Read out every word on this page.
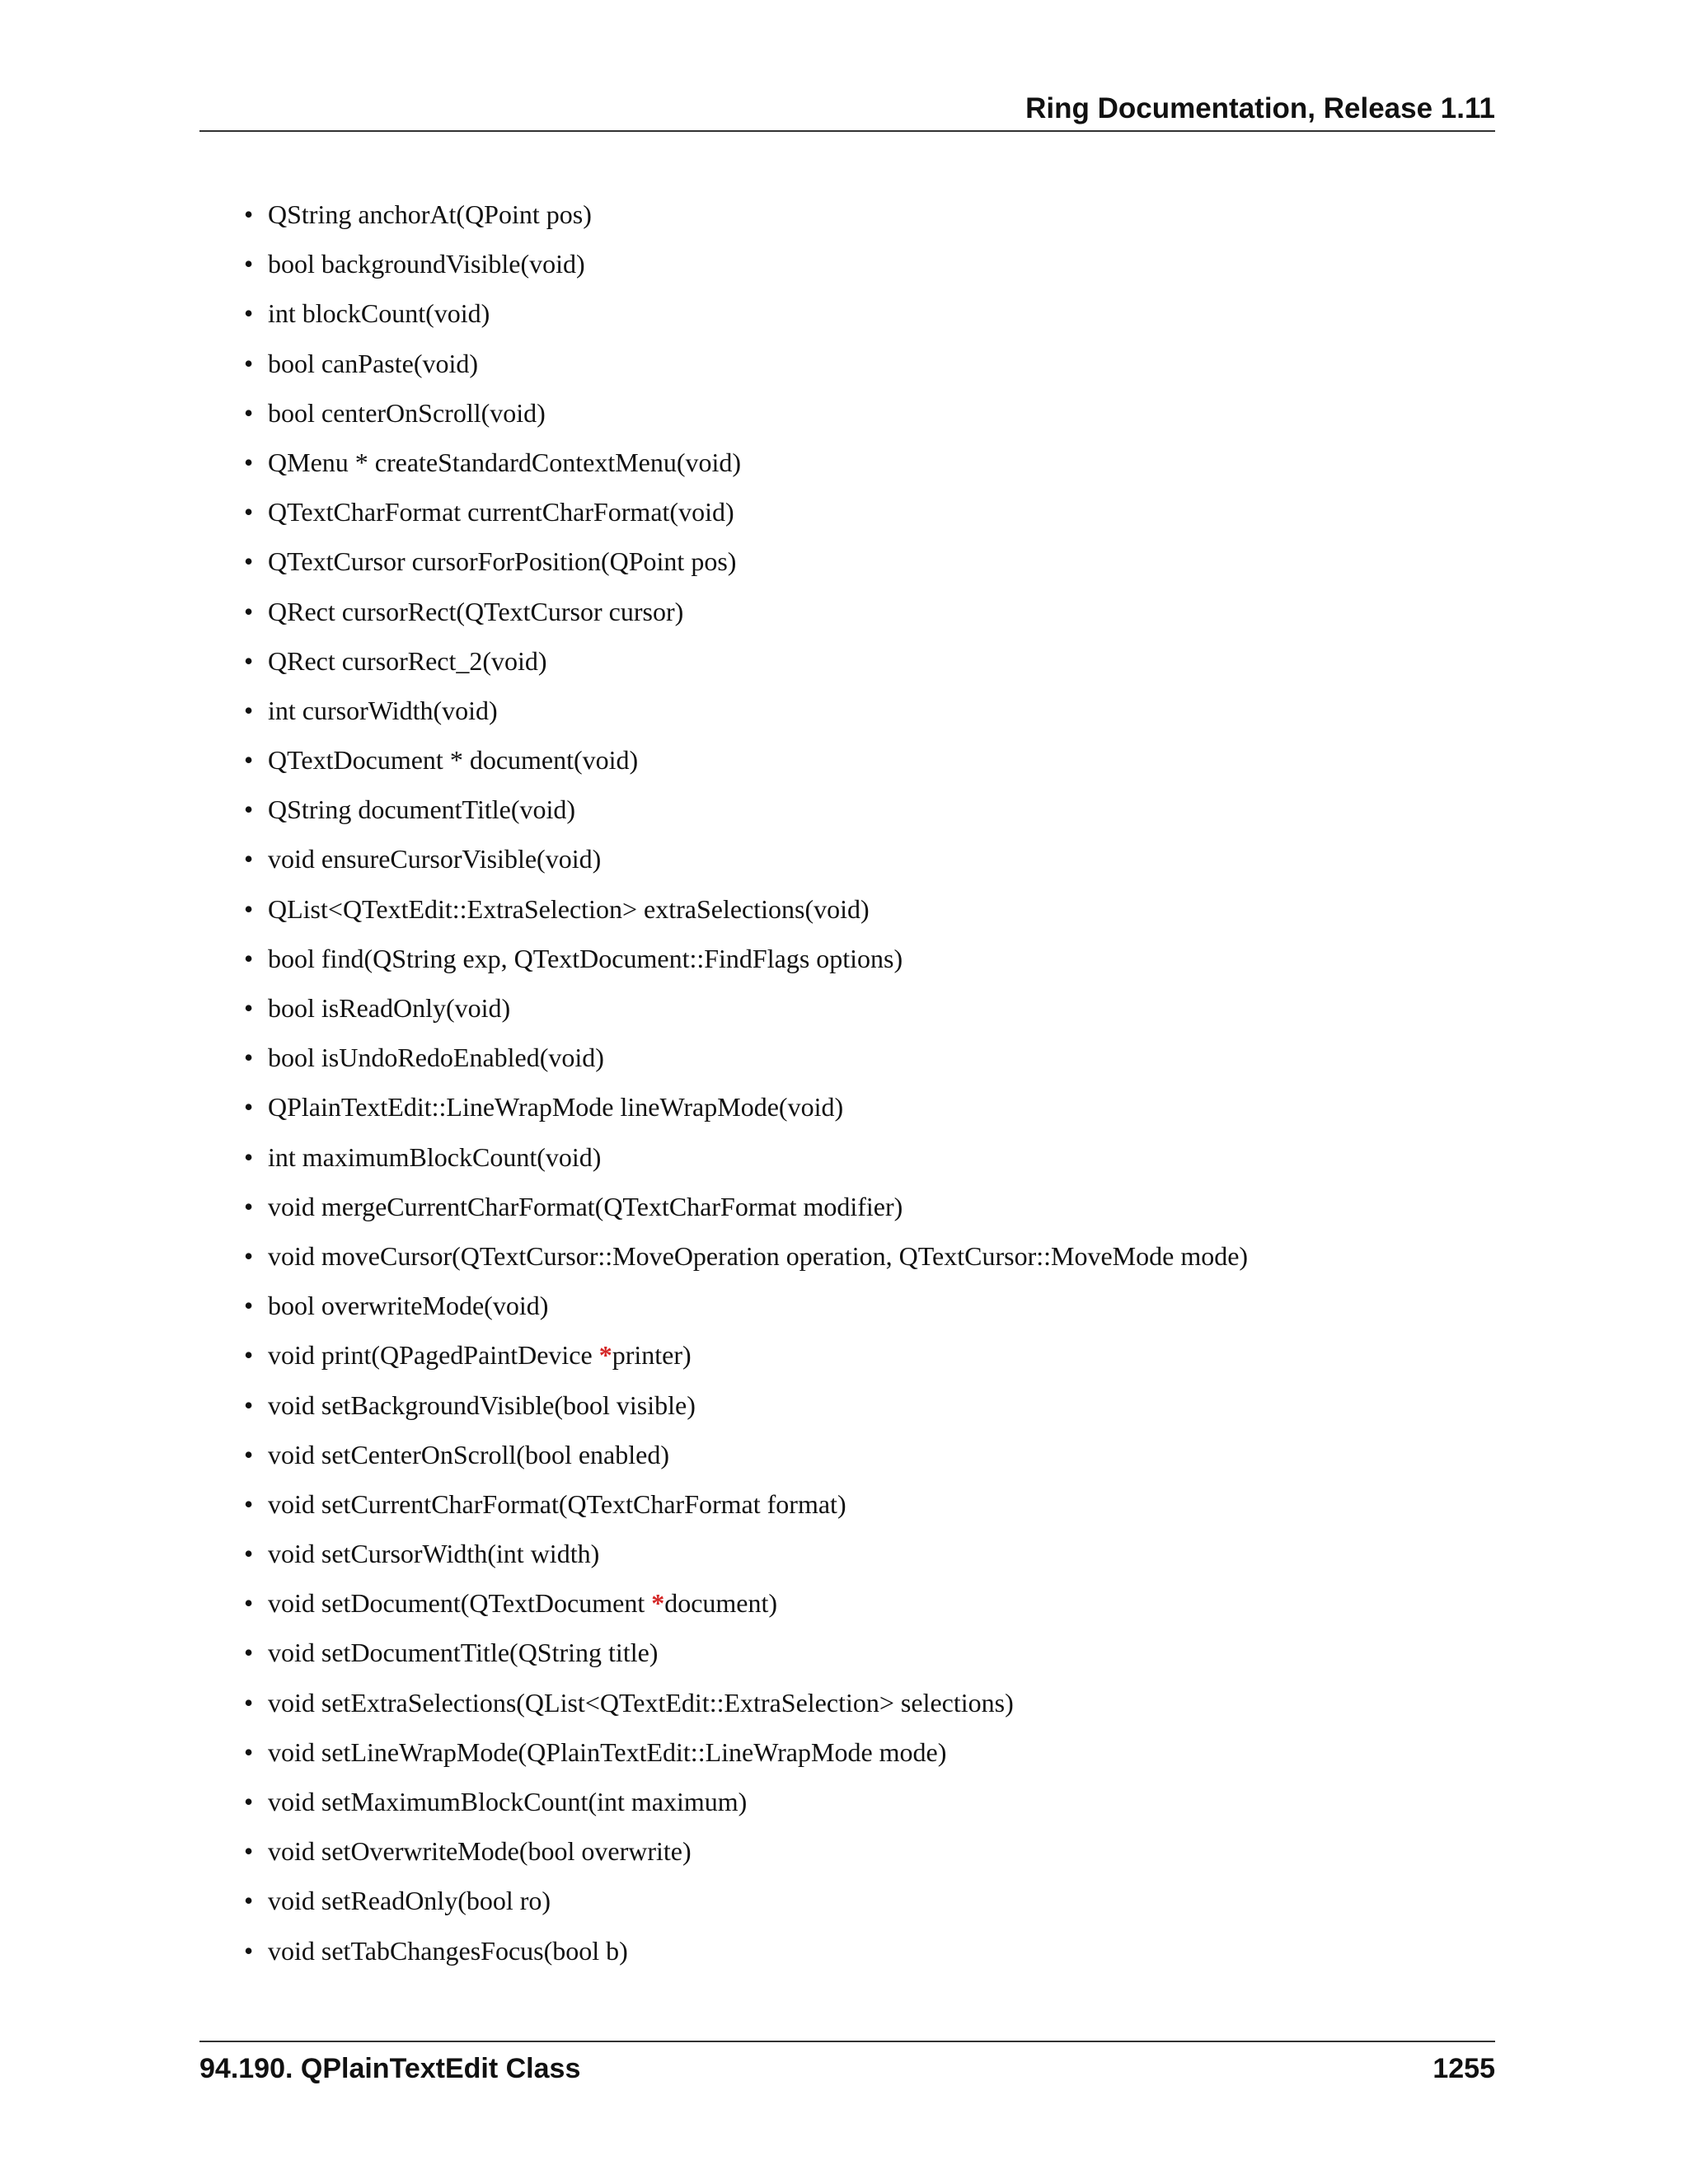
Ring Documentation, Release 1.11
• QString anchorAt(QPoint pos)
• bool backgroundVisible(void)
• int blockCount(void)
• bool canPaste(void)
• bool centerOnScroll(void)
• QMenu * createStandardContextMenu(void)
• QTextCharFormat currentCharFormat(void)
• QTextCursor cursorForPosition(QPoint pos)
• QRect cursorRect(QTextCursor cursor)
• QRect cursorRect_2(void)
• int cursorWidth(void)
• QTextDocument * document(void)
• QString documentTitle(void)
• void ensureCursorVisible(void)
• QList<QTextEdit::ExtraSelection> extraSelections(void)
• bool find(QString exp, QTextDocument::FindFlags options)
• bool isReadOnly(void)
• bool isUndoRedoEnabled(void)
• QPlainTextEdit::LineWrapMode lineWrapMode(void)
• int maximumBlockCount(void)
• void mergeCurrentCharFormat(QTextCharFormat modifier)
• void moveCursor(QTextCursor::MoveOperation operation, QTextCursor::MoveMode mode)
• bool overwriteMode(void)
• void print(QPagedPaintDevice *printer)
• void setBackgroundVisible(bool visible)
• void setCenterOnScroll(bool enabled)
• void setCurrentCharFormat(QTextCharFormat format)
• void setCursorWidth(int width)
• void setDocument(QTextDocument *document)
• void setDocumentTitle(QString title)
• void setExtraSelections(QList<QTextEdit::ExtraSelection> selections)
• void setLineWrapMode(QPlainTextEdit::LineWrapMode mode)
• void setMaximumBlockCount(int maximum)
• void setOverwriteMode(bool overwrite)
• void setReadOnly(bool ro)
• void setTabChangesFocus(bool b)
94.190. QPlainTextEdit Class	1255
